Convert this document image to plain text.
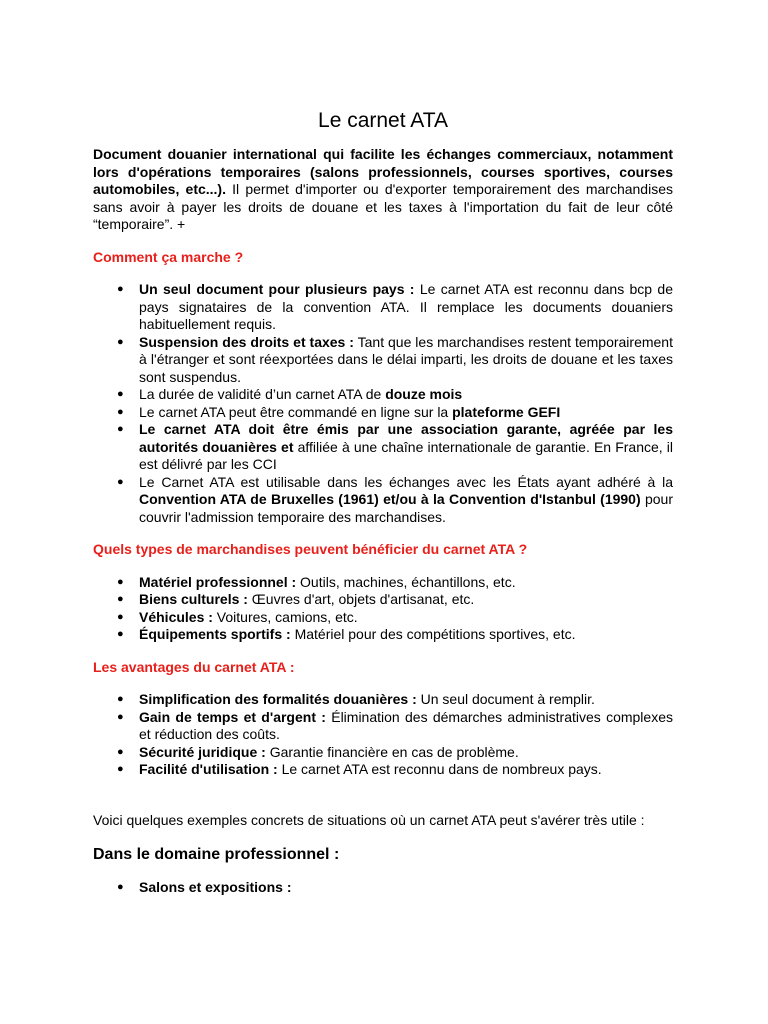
Le carnet ATA

Document douanier international qui facilite les échanges commerciaux, notamment lors d'opérations temporaires (salons professionnels, courses sportives, courses automobiles, etc...). Il permet d'importer ou d'exporter temporairement des marchandises sans avoir à payer les droits de douane et les taxes à l'importation du fait de leur côté “temporaire”. +

Comment ça marche ?

● Un seul document pour plusieurs pays : Le carnet ATA est reconnu dans bcp de pays signataires de la convention ATA. Il remplace les documents douaniers habituellement requis.
● Suspension des droits et taxes : Tant que les marchandises restent temporairement à l'étranger et sont réexportées dans le délai imparti, les droits de douane et les taxes sont suspendus.
● La durée de validité d’un carnet ATA de douze mois
● Le carnet ATA peut être commandé en ligne sur la plateforme GEFI
● Le carnet ATA doit être émis par une association garante, agréée par les autorités douanières et affiliée à une chaîne internationale de garantie. En France, il est délivré par les CCI
● Le Carnet ATA est utilisable dans les échanges avec les États ayant adhéré à la Convention ATA de Bruxelles (1961) et/ou à la Convention d'Istanbul (1990) pour couvrir l'admission temporaire des marchandises.

Quels types de marchandises peuvent bénéficier du carnet ATA ?

● Matériel professionnel : Outils, machines, échantillons, etc.
● Biens culturels : Œuvres d'art, objets d'artisanat, etc.
● Véhicules : Voitures, camions, etc.
● Équipements sportifs : Matériel pour des compétitions sportives, etc.

Les avantages du carnet ATA :

● Simplification des formalités douanières : Un seul document à remplir.
● Gain de temps et d'argent : Élimination des démarches administratives complexes et réduction des coûts.
● Sécurité juridique : Garantie financière en cas de problème.
● Facilité d'utilisation : Le carnet ATA est reconnu dans de nombreux pays.

Voici quelques exemples concrets de situations où un carnet ATA peut s'avérer très utile :

Dans le domaine professionnel :
● Salons et expositions :
